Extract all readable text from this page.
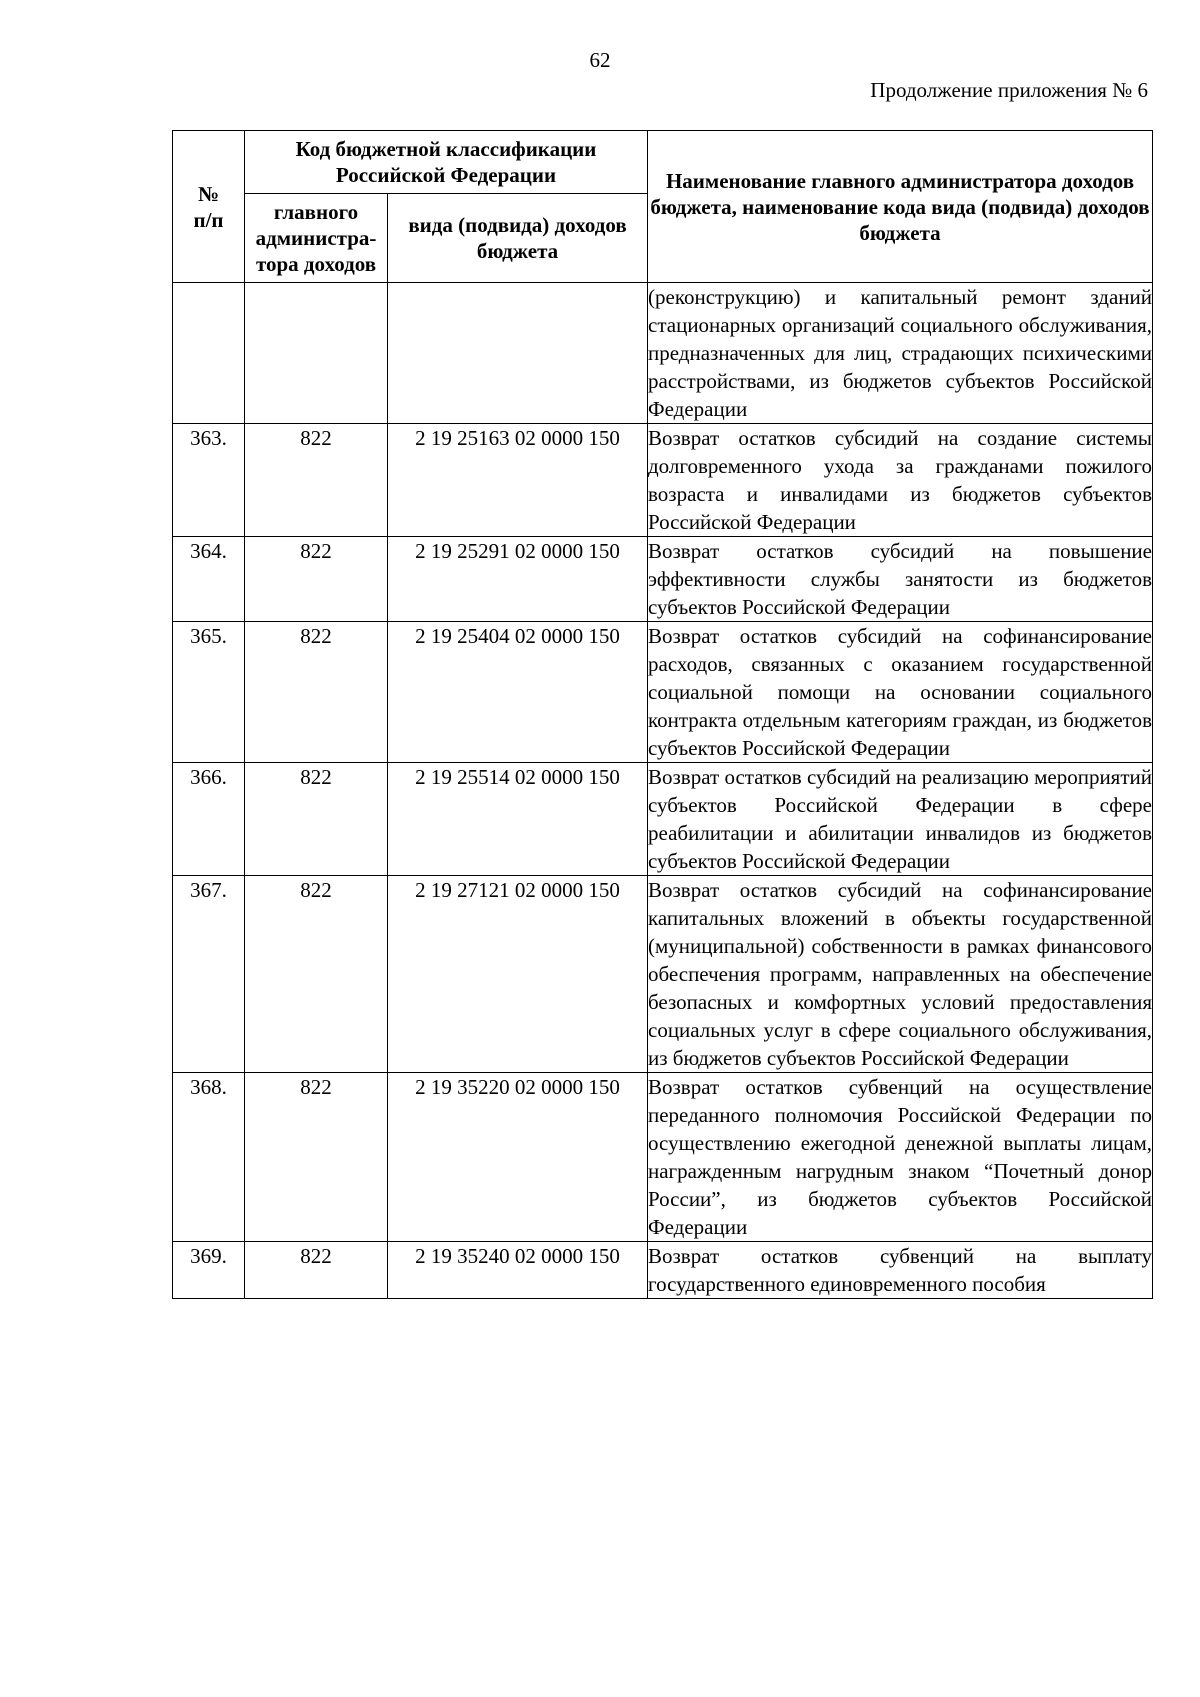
62
Продолжение приложения № 6
№
п/п	Код бюджетной классификации Российской Федерации		Наименование главного администратора доходов бюджета, наименование кода вида (подвида) доходов бюджета
	главного администра-тора доходов	вида (подвида) доходов бюджета	
			(реконструкцию) и капитальный ремонт зданий стационарных организаций социального обслуживания, предназначенных для лиц, страдающих психическими расстройствами, из бюджетов субъектов Российской Федерации
363.	822	2 19 25163 02 0000 150	Возврат остатков субсидий на создание системы долговременного ухода за гражданами пожилого возраста и инвалидами из бюджетов субъектов Российской Федерации
364.	822	2 19 25291 02 0000 150	Возврат остатков субсидий на повышение эффективности службы занятости из бюджетов субъектов Российской Федерации
365.	822	2 19 25404 02 0000 150	Возврат остатков субсидий на софинансирование расходов, связанных с оказанием государственной социальной помощи на основании социального контракта отдельным категориям граждан, из бюджетов субъектов Российской Федерации
366.	822	2 19 25514 02 0000 150	Возврат остатков субсидий на реализацию мероприятий субъектов Российской Федерации в сфере реабилитации и абилитации инвалидов из бюджетов субъектов Российской Федерации
367.	822	2 19 27121 02 0000 150	Возврат остатков субсидий на софинансирование капитальных вложений в объекты государственной (муниципальной) собственности в рамках финансового обеспечения программ, направленных на обеспечение безопасных и комфортных условий предоставления социальных услуг в сфере социального обслуживания, из бюджетов субъектов Российской Федерации
368.	822	2 19 35220 02 0000 150	Возврат остатков субвенций на осуществление переданного полномочия Российской Федерации по осуществлению ежегодной денежной выплаты лицам, награжденным нагрудным знаком “Почетный донор России”, из бюджетов субъектов Российской Федерации
369.	822	2 19 35240 02 0000 150	Возврат остатков субвенций на выплату государственного единовременного пособия
